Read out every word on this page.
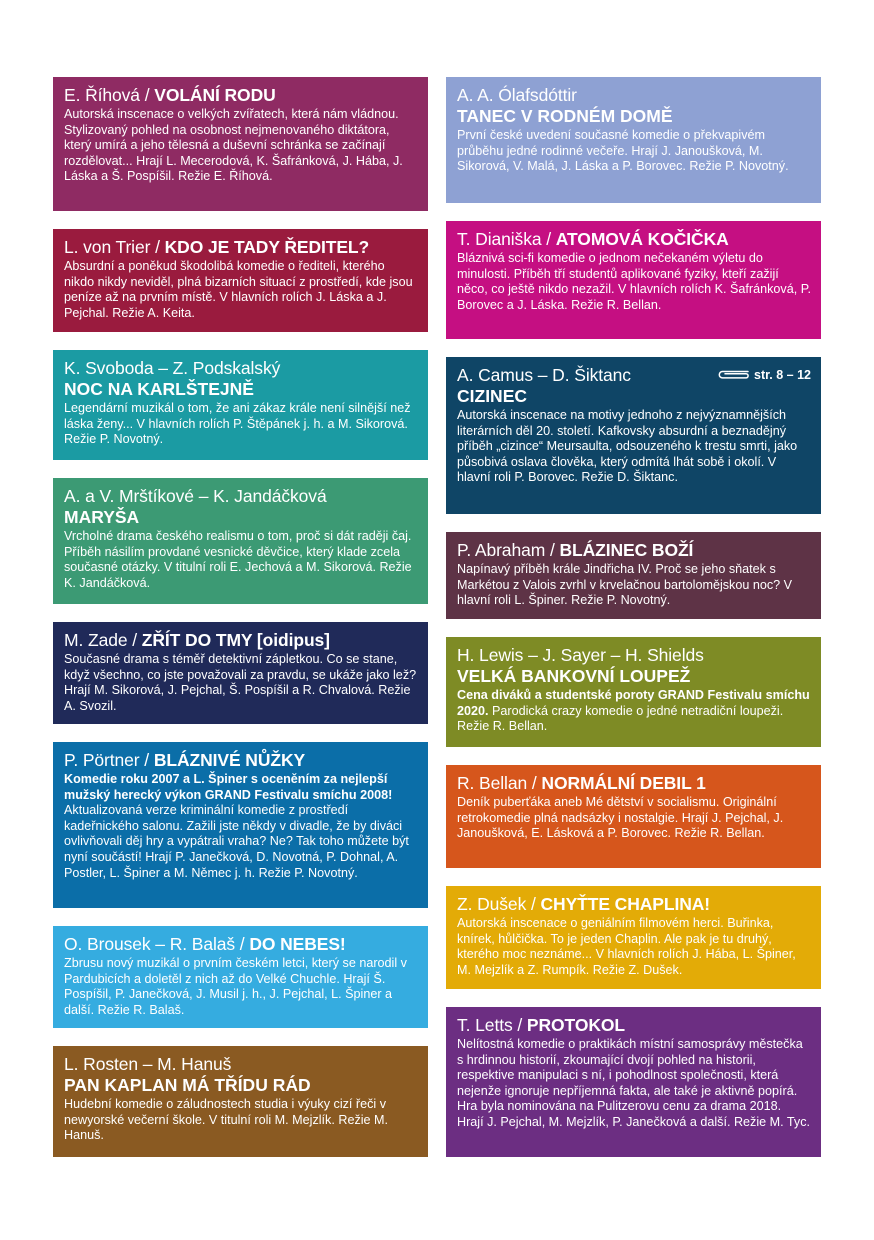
E. Říhová / VOLÁNÍ RODU
Autorská inscenace o velkých zvířatech, která nám vládnou. Stylizovaný pohled na osobnost nejmenovaného diktátora, který umírá a jeho tělesná a duševní schránka se začínají rozdělovat... Hrají L. Mecerodová, K. Šafránková, J. Hába, J. Láska a Š. Pospíšil. Režie E. Říhová.
L. von Trier / KDO JE TADY ŘEDITEL?
Absurdní a poněkud škodolibá komedie o řediteli, kterého nikdo nikdy neviděl, plná bizarních situací z prostředí, kde jsou peníze až na prvním místě. V hlavních rolích J. Láska a J. Pejchal. Režie A. Keita.
K. Svoboda – Z. Podskalský
NOC NA KARLŠTEJNĚ
Legendární muzikál o tom, že ani zákaz krále není silnější než láska ženy... V hlavních rolích P. Štěpánek j. h. a M. Sikorová. Režie P. Novotný.
A. a V. Mrštíkové – K. Jandáčková
MARYŠA
Vrcholné drama českého realismu o tom, proč si dát raději čaj. Příběh násilím provdané vesnické děvčice, který klade zcela současné otázky. V titulní roli E. Jechová a M. Sikorová. Režie K. Jandáčková.
M. Zade / ZŘÍT DO TMY [oidipus]
Současné drama s téměř detektivní zápletkou. Co se stane, když všechno, co jste považovali za pravdu, se ukáže jako lež? Hrají M. Sikorová, J. Pejchal, Š. Pospíšil a R. Chvalová. Režie A. Svozil.
P. Pörtner / BLÁZNIVÉ NŮŽKY
Komedie roku 2007 a L. Špiner s oceněním za nejlepší mužský herecký výkon GRAND Festivalu smíchu 2008! Aktualizovaná verze kriminální komedie z prostředí kadeřnického salonu. Zažili jste někdy v divadle, že by diváci ovlivňovali děj hry a vypátrali vraha? Ne? Tak toho můžete být nyní součástí! Hrají P. Janečková, D. Novotná, P. Dohnal, A. Postler, L. Špiner a M. Němec j. h. Režie P. Novotný.
O. Brousek – R. Balaš / DO NEBES!
Zbrusu nový muzikál o prvním českém letci, který se narodil v Pardubicích a doletěl z nich až do Velké Chuchle. Hrají Š. Pospíšil, P. Janečková, J. Musil j. h., J. Pejchal, L. Špiner a další. Režie R. Balaš.
L. Rosten – M. Hanuš
PAN KAPLAN MÁ TŘÍDU RÁD
Hudební komedie o záludnostech studia i výuky cizí řeči v newyorské večerní škole. V titulní roli M. Mejzlík. Režie M. Hanuš.
A. A. Ólafsdóttir
TANEC V RODNÉM DOMĚ
První české uvedení současné komedie o překvapivém průběhu jedné rodinné večeře. Hrají J. Janoušková, M. Sikorová, V. Malá, J. Láska a P. Borovec. Režie P. Novotný.
T. Dianiška / ATOMOVÁ KOČIČKA
Bláznivá sci-fi komedie o jednom nečekaném výletu do minulosti. Příběh tří studentů aplikované fyziky, kteří zažijí něco, co ještě nikdo nezažil. V hlavních rolích K. Šafránková, P. Borovec a J. Láska. Režie R. Bellan.
A. Camus – D. Šiktanc	str. 8 – 12
CIZINEC
Autorská inscenace na motivy jednoho z nejvýznamnějších literárních děl 20. století. Kafkovsky absurdní a beznadějný příběh „cizince“ Meursaulta, odsouzeného k trestu smrti, jako působivá oslava člověka, který odmítá lhát sobě i okolí. V hlavní roli P. Borovec. Režie D. Šiktanc.
P. Abraham / BLÁZINEC BOŽÍ
Napínavý příběh krále Jindřicha IV. Proč se jeho sňatek s Markétou z Valois zvrhl v krvelačnou bartolomějskou noc? V hlavní roli L. Špiner. Režie P. Novotný.
H. Lewis – J. Sayer – H. Shields
VELKÁ BANKOVNÍ LOUPEŽ
Cena diváků a studentské poroty GRAND Festivalu smíchu 2020. Parodická crazy komedie o jedné netradiční loupeži. Režie R. Bellan.
R. Bellan / NORMÁLNÍ DEBIL 1
Deník puberťáka aneb Mé dětství v socialismu. Originální retrokomedie plná nadsázky i nostalgie. Hrají J. Pejchal, J. Janoušková, E. Lásková a P. Borovec. Režie R. Bellan.
Z. Dušek / CHYŤTE CHAPLINA!
Autorská inscenace o geniálním filmovém herci. Buřinka, knírek, hůlčička. To je jeden Chaplin. Ale pak je tu druhý, kterého moc neznáme... V hlavních rolích J. Hába, L. Špiner, M. Mejzlík a Z. Rumpík. Režie Z. Dušek.
T. Letts / PROTOKOL
Nelítostná komedie o praktikách místní samosprávy městečka s hrdinnou historií, zkoumající dvojí pohled na historii, respektive manipulaci s ní, i pohodlnost společnosti, která nejenže ignoruje nepříjemná fakta, ale také je aktivně popírá. Hra byla nominována na Pulitzerovu cenu za drama 2018. Hrají J. Pejchal, M. Mejzlík, P. Janečková a další. Režie M. Tyc.
